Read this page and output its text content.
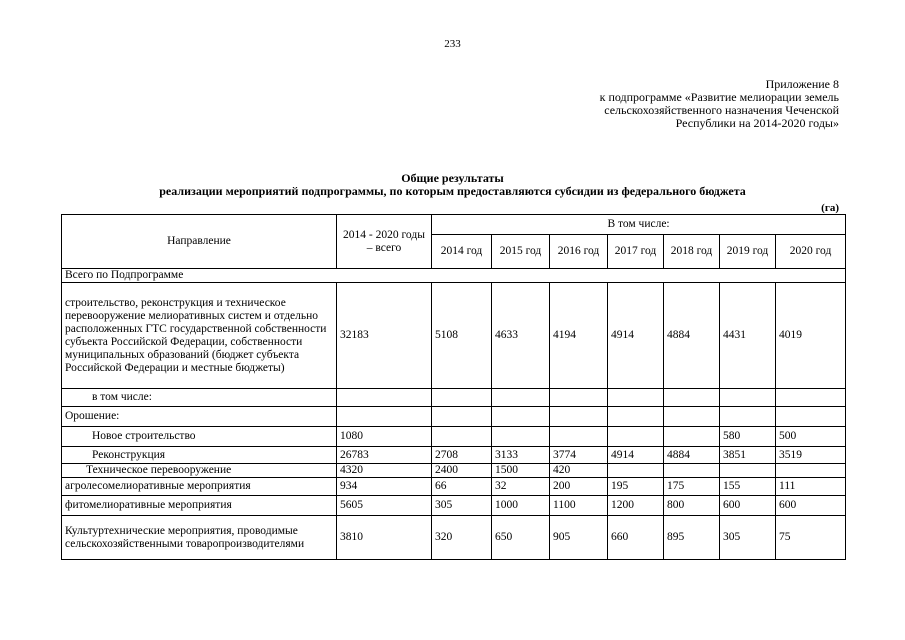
233
Приложение 8
к подпрограмме «Развитие мелиорации земель
сельскохозяйственного назначения Чеченской
Республики на 2014-2020 годы»
Общие результаты
реализации мероприятий подпрограммы, по которым предоставляются субсидии из федерального бюджета
(га)
Направление	2014 - 2020 годы – всего	В том числе:						
		2014 год	2015 год	2016 год	2017 год	2018 год	2019 год	2020 год
Всего по Подпрограмме								
строительство, реконструкция и техническое перевооружение мелиоративных систем и отдельно расположенных ГТС государственной собственности субъекта Российской Федерации, собственности муниципальных образований (бюджет субъекта Российской Федерации и местные бюджеты)	32183	5108	4633	4194	4914	4884	4431	4019
в том числе:								
Орошение:								
Новое строительство	1080						580	500
Реконструкция	26783	2708	3133	3774	4914	4884	3851	3519
Техническое перевооружение	4320	2400	1500	420				
агролесомелиоративные мероприятия	934	66	32	200	195	175	155	111
фитомелиоративные мероприятия	5605	305	1000	1100	1200	800	600	600
Культуртехнические мероприятия, проводимые сельскохозяйственными товаропроизводителями	3810	320	650	905	660	895	305	75
